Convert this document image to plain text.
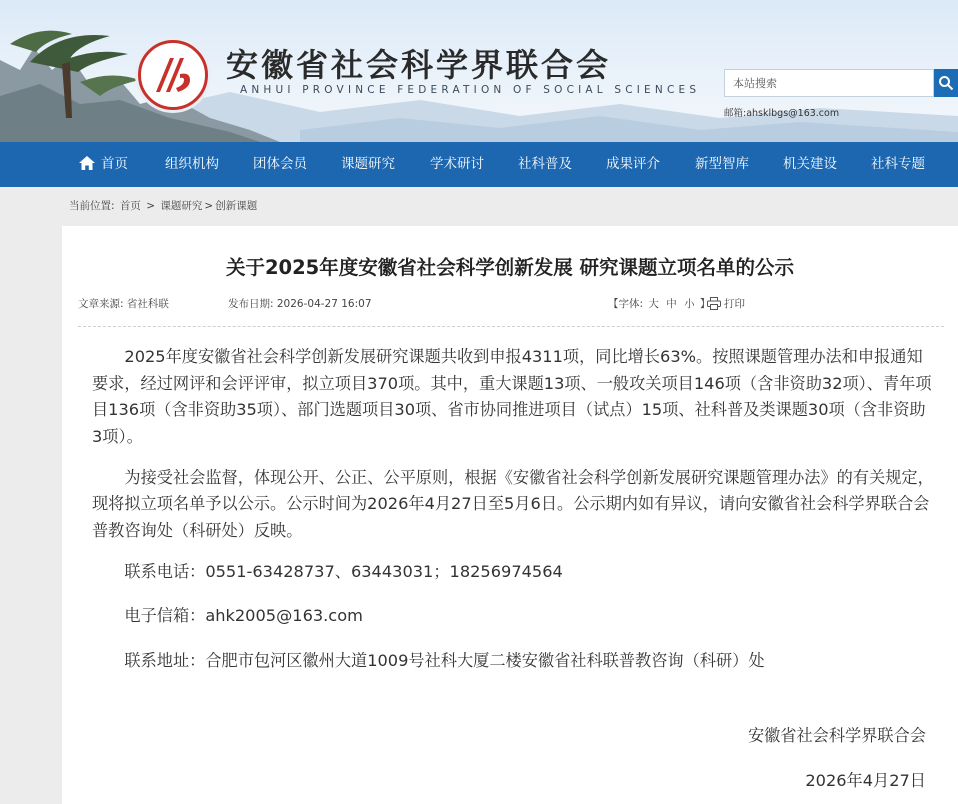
安徽省社会科学界联合会
ANHUI PROVINCE FEDERATION OF SOCIAL SCIENCES
本站搜索
邮箱:ahsklbgs@163.com
首页	组织机构	团体会员	课题研究	学术研讨	社科普及	成果评介	新型智库	机关建设	社科专题
当前位置: 首页 > 课题研究 > 创新课题
关于2025年度安徽省社会科学创新发展 研究课题立项名单的公示
文章来源: 省社科联	发布日期: 2026-04-27 16:07	【字体: 大 中 小 】	打印

2025年度安徽省社会科学创新发展研究课题共收到申报4311项，同比增长63%。按照课题管理办法和申报通知要求，经过网评和会评评审，拟立项目370项。其中，重大课题13项、一般攻关项目146项（含非资助32项）、青年项目136项（含非资助35项）、部门选题项目30项、省市协同推进项目（试点）15项、社科普及类课题30项（含非资助3项）。

为接受社会监督，体现公开、公正、公平原则，根据《安徽省社会科学创新发展研究课题管理办法》的有关规定，现将拟立项名单予以公示。公示时间为2026年4月27日至5月6日。公示期内如有异议，请向安徽省社会科学界联合会普教咨询处（科研处）反映。

联系电话：0551-63428737、63443031；18256974564

电子信箱：ahk2005@163.com

联系地址：合肥市包河区徽州大道1009号社科大厦二楼安徽省社科联普教咨询（科研）处

安徽省社会科学界联合会
2026年4月27日
